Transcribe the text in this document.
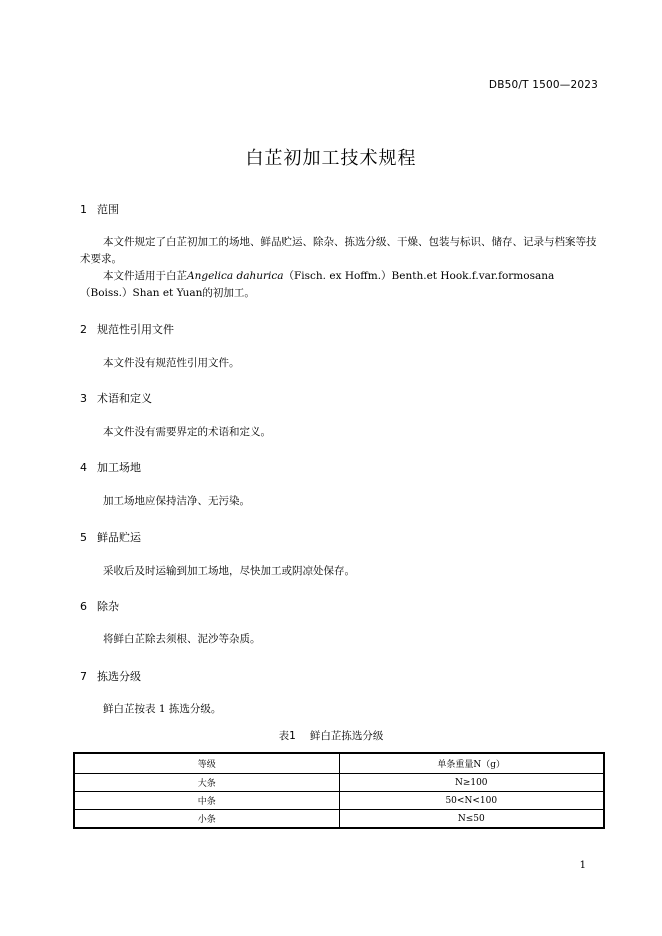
DB50/T 1500—2023
白芷初加工技术规程
1 范围
本文件规定了白芷初加工的场地、鲜品贮运、除杂、拣选分级、干燥、包装与标识、储存、记录与档案等技术要求。
本文件适用于白芷Angelica dahurica（Fisch. ex Hoffm.）Benth.et Hook.f.var.formosana（Boiss.）Shan et Yuan的初加工。
2 规范性引用文件
本文件没有规范性引用文件。
3 术语和定义
本文件没有需要界定的术语和定义。
4 加工场地
加工场地应保持洁净、无污染。
5 鲜品贮运
采收后及时运输到加工场地，尽快加工或阴凉处保存。
6 除杂
将鲜白芷除去须根、泥沙等杂质。
7 拣选分级
鲜白芷按表 1 拣选分级。
表1 鲜白芷拣选分级
等级	单条重量N（g）
大条	N≥100
中条	50<N<100
小条	N≤50
1
